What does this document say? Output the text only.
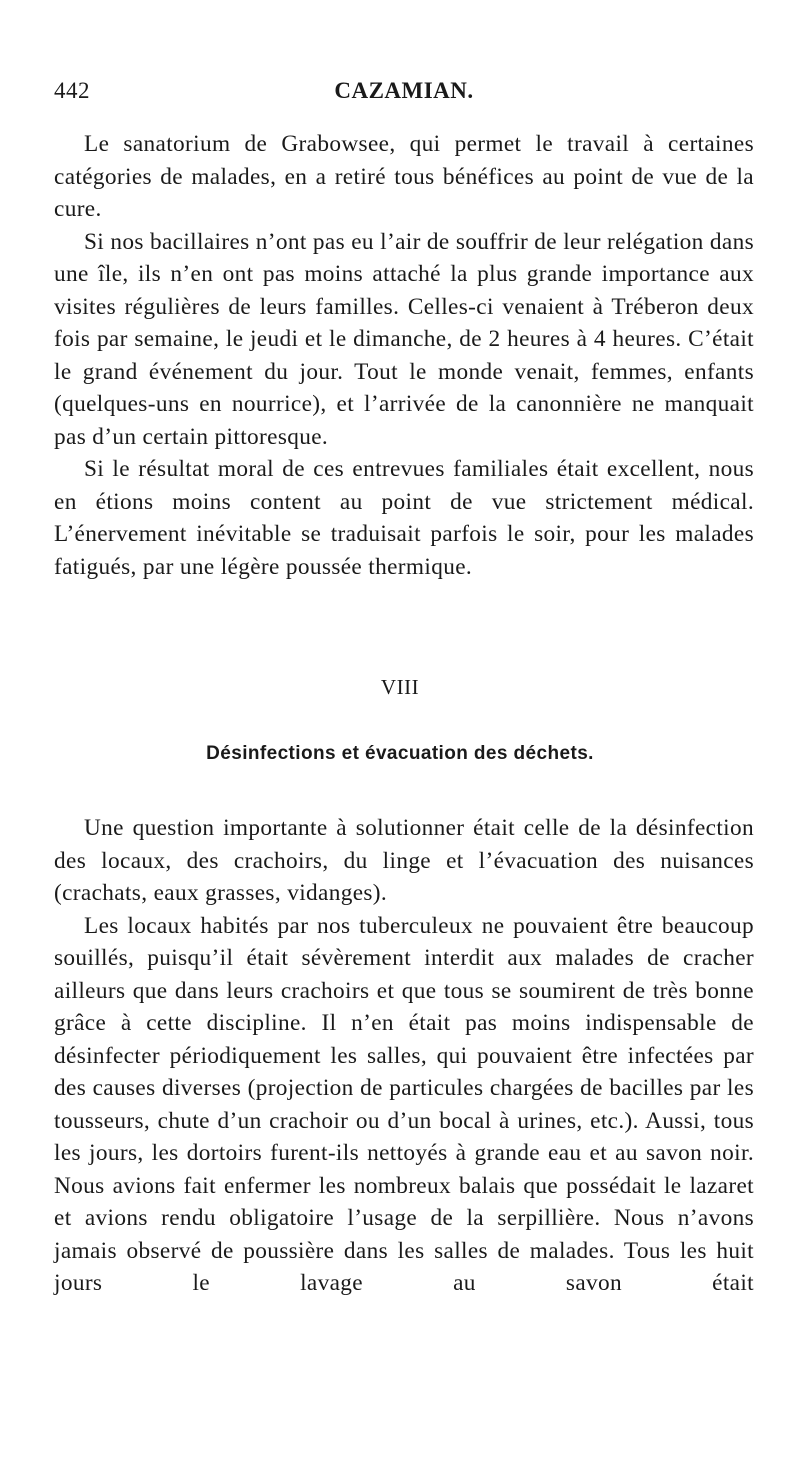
442	CAZAMIAN.

Le sanatorium de Grabowsee, qui permet le travail à certaines catégories de malades, en a retiré tous bénéfices au point de vue de la cure.

Si nos bacillaires n’ont pas eu l’air de souffrir de leur relégation dans une île, ils n’en ont pas moins attaché la plus grande importance aux visites régulières de leurs familles. Celles-ci venaient à Tréberon deux fois par semaine, le jeudi et le dimanche, de 2 heures à 4 heures. C’était le grand événement du jour. Tout le monde venait, femmes, enfants (quelques-uns en nourrice), et l’arrivée de la canonnière ne manquait pas d’un certain pittoresque.

Si le résultat moral de ces entrevues familiales était excellent, nous en étions moins content au point de vue strictement médical. L’énervement inévitable se traduisait parfois le soir, pour les malades fatigués, par une légère poussée thermique.

VIII
Désinfections et évacuation des déchets.

Une question importante à solutionner était celle de la désinfection des locaux, des crachoirs, du linge et l’évacuation des nuisances (crachats, eaux grasses, vidanges).

Les locaux habités par nos tuberculeux ne pouvaient être beaucoup souillés, puisqu’il était sévèrement interdit aux malades de cracher ailleurs que dans leurs crachoirs et que tous se soumirent de très bonne grâce à cette discipline. Il n’en était pas moins indispensable de désinfecter périodiquement les salles, qui pouvaient être infectées par des causes diverses (projection de particules chargées de bacilles par les tousseurs, chute d’un crachoir ou d’un bocal à urines, etc.). Aussi, tous les jours, les dortoirs furent-ils nettoyés à grande eau et au savon noir. Nous avions fait enfermer les nombreux balais que possédait le lazaret et avions rendu obligatoire l’usage de la serpillière. Nous n’avons jamais observé de poussière dans les salles de malades. Tous les huit jours le lavage au savon était
